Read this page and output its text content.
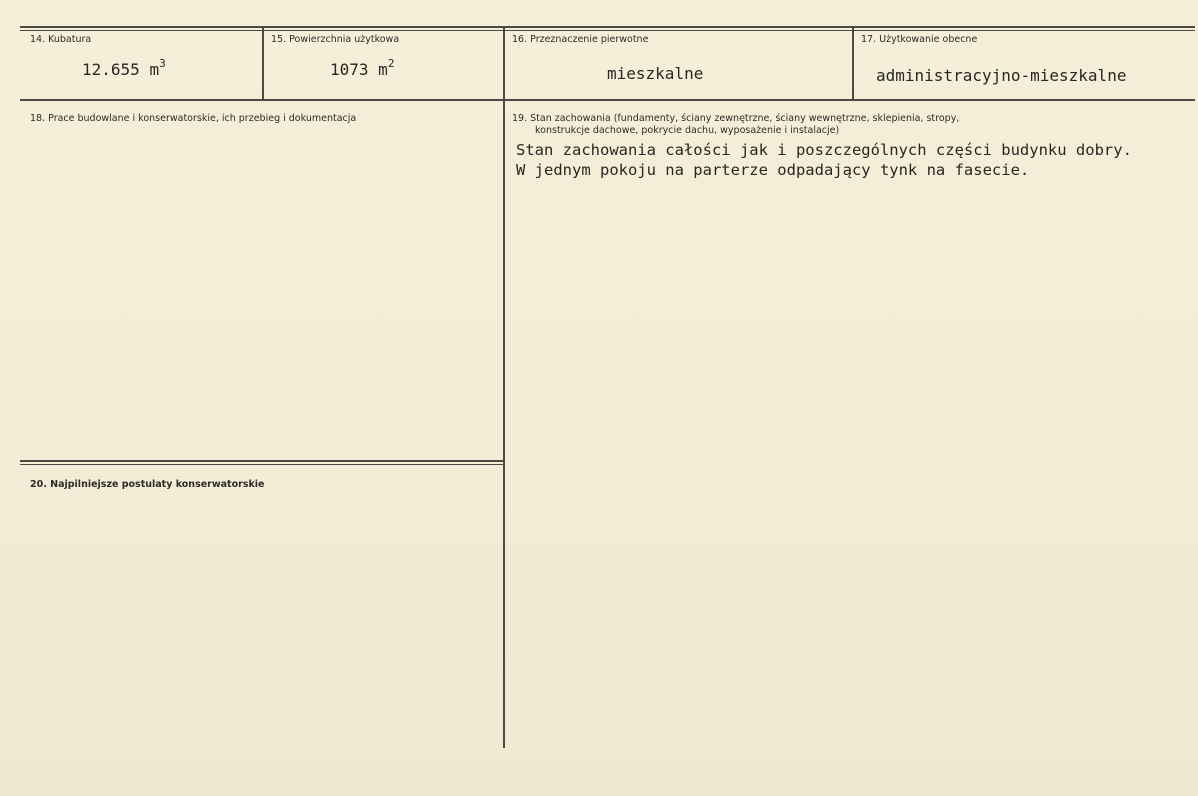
14. Kubatura
12.655 $m^3$
15. Powierzchnia użytkowa
1073 $m^2$
16. Przeznaczenie pierwotne
mieszkalne
17. Użytkowanie obecne
administracyjno-mieszkalne
18. Prace budowlane i konserwatorskie, ich przebieg i dokumentacja	19. Stan zachowania (fundamenty, ściany zewnętrzne, ściany wewnętrzne, sklepienia, stropy,
konstrukcje dachowe, pokrycie dachu, wyposażenie i instalacje)
Stan zachowania całości jak i poszczególnych części budynku dobry.
W jednym pokoju na parterze odpadający tynk na fasecie.
20. Najpilniejsze postulaty konserwatorskie
